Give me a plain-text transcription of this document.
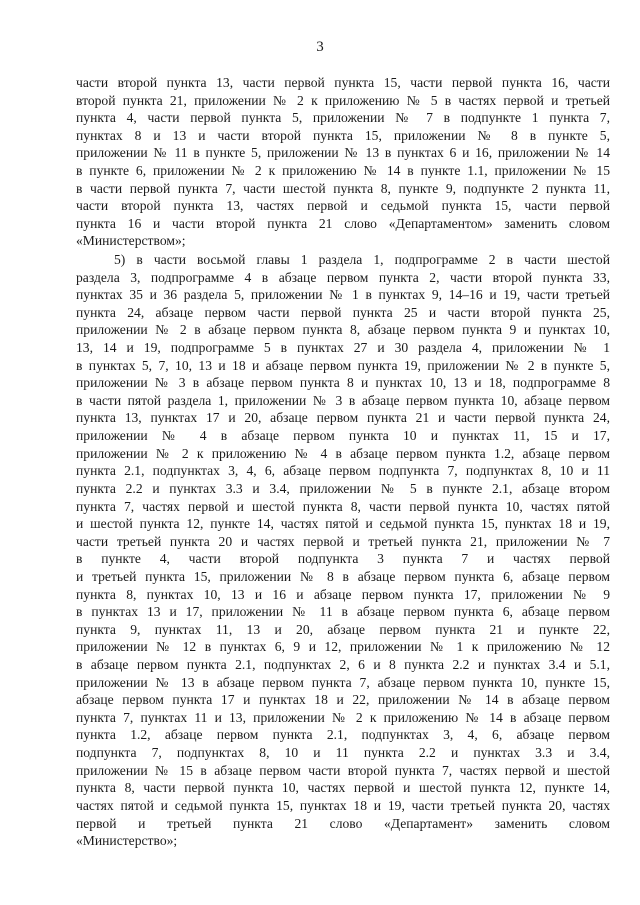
3
части второй пункта 13, части первой пункта 15, части первой пункта 16, части
второй пункта 21, приложении № 2 к приложению № 5 в частях первой и третьей
пункта 4, части первой пункта 5, приложении № 7 в подпункте 1 пункта 7,
пунктах 8 и 13 и части второй пункта 15, приложении № 8 в пункте 5,
приложении № 11 в пункте 5, приложении № 13 в пунктах 6 и 16, приложении № 14
в пункте 6, приложении № 2 к приложению № 14 в пункте 1.1, приложении № 15
в части первой пункта 7, части шестой пункта 8, пункте 9, подпункте 2 пункта 11,
части второй пункта 13, частях первой и седьмой пункта 15, части первой
пункта 16 и части второй пункта 21 слово «Департаментом» заменить словом
«Министерством»;
5) в части восьмой главы 1 раздела 1, подпрограмме 2 в части шестой
раздела 3, подпрограмме 4 в абзаце первом пункта 2, части второй пункта 33,
пунктах 35 и 36 раздела 5, приложении № 1 в пунктах 9, 14–16 и 19, части третьей
пункта 24, абзаце первом части первой пункта 25 и части второй пункта 25,
приложении № 2 в абзаце первом пункта 8, абзаце первом пункта 9 и пунктах 10,
13, 14 и 19, подпрограмме 5 в пунктах 27 и 30 раздела 4, приложении № 1
в пунктах 5, 7, 10, 13 и 18 и абзаце первом пункта 19, приложении № 2 в пункте 5,
приложении № 3 в абзаце первом пункта 8 и пунктах 10, 13 и 18, подпрограмме 8
в части пятой раздела 1, приложении № 3 в абзаце первом пункта 10, абзаце первом
пункта 13, пунктах 17 и 20, абзаце первом пункта 21 и части первой пункта 24,
приложении № 4 в абзаце первом пункта 10 и пунктах 11, 15 и 17,
приложении № 2 к приложению № 4 в абзаце первом пункта 1.2, абзаце первом
пункта 2.1, подпунктах 3, 4, 6, абзаце первом подпункта 7, подпунктах 8, 10 и 11
пункта 2.2 и пунктах 3.3 и 3.4, приложении № 5 в пункте 2.1, абзаце втором
пункта 7, частях первой и шестой пункта 8, части первой пункта 10, частях пятой
и шестой пункта 12, пункте 14, частях пятой и седьмой пункта 15, пунктах 18 и 19,
части третьей пункта 20 и частях первой и третьей пункта 21, приложении № 7
в пункте 4, части второй подпункта 3 пункта 7 и частях первой
и третьей пункта 15, приложении № 8 в абзаце первом пункта 6, абзаце первом
пункта 8, пунктах 10, 13 и 16 и абзаце первом пункта 17, приложении № 9
в пунктах 13 и 17, приложении № 11 в абзаце первом пункта 6, абзаце первом
пункта 9, пунктах 11, 13 и 20, абзаце первом пункта 21 и пункте 22,
приложении № 12 в пунктах 6, 9 и 12, приложении № 1 к приложению № 12
в абзаце первом пункта 2.1, подпунктах 2, 6 и 8 пункта 2.2 и пунктах 3.4 и 5.1,
приложении № 13 в абзаце первом пункта 7, абзаце первом пункта 10, пункте 15,
абзаце первом пункта 17 и пунктах 18 и 22, приложении № 14 в абзаце первом
пункта 7, пунктах 11 и 13, приложении № 2 к приложению № 14 в абзаце первом
пункта 1.2, абзаце первом пункта 2.1, подпунктах 3, 4, 6, абзаце первом
подпункта 7, подпунктах 8, 10 и 11 пункта 2.2 и пунктах 3.3 и 3.4,
приложении № 15 в абзаце первом части второй пункта 7, частях первой и шестой
пункта 8, части первой пункта 10, частях первой и шестой пункта 12, пункте 14,
частях пятой и седьмой пункта 15, пунктах 18 и 19, части третьей пункта 20, частях
первой и третьей пункта 21 слово «Департамент» заменить словом
«Министерство»;
